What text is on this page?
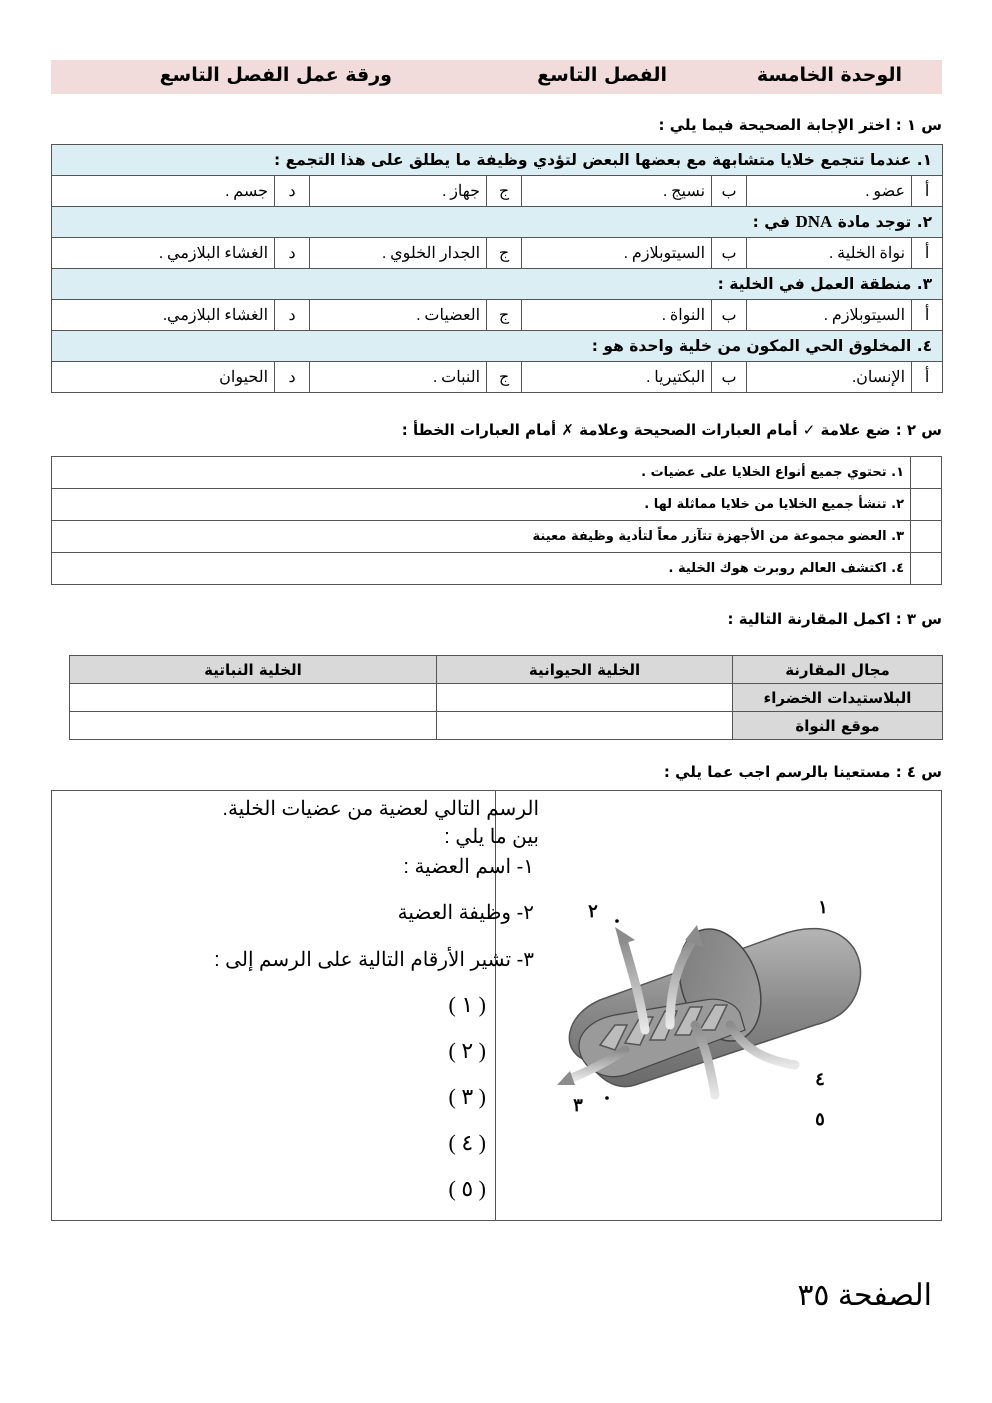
الوحدة الخامسة
الفصل التاسع
ورقة عمل الفصل التاسع
س ١ : اختر الإجابة الصحيحة فيما يلي :
١. عندما تتجمع خلايا متشابهة مع بعضها البعض لتؤدي وظيفة ما يطلق على هذا التجمع :							
أ	عضو .	ب	نسيج .	ج	جهاز .	د	جسم .
٢. توجد مادة DNA في :							
أ	نواة الخلية .	ب	السيتوبلازم .	ج	الجدار الخلوي .	د	الغشاء البلازمي .
٣. منطقة العمل في الخلية :							
أ	السيتوبلازم .	ب	النواة .	ج	العضيات .	د	الغشاء البلازمي.
٤. المخلوق الحي المكون من خلية واحدة هو :							
أ	الإنسان.	ب	البكتيريا .	ج	النبات .	د	الحيوان
س ٢ : ضع علامة ✓ أمام العبارات الصحيحة وعلامة ✗ أمام العبارات الخطأ :
	١. تحتوي جميع أنواع الخلايا على عضيات .
	٢. تنشأ جميع الخلايا من خلايا مماثلة لها .
	٣. العضو مجموعة من الأجهزة تتآزر معاً لتأدية وظيفة معينة
	٤. اكتشف العالم روبرت هوك الخلية .
س ٣ : اكمل المقارنة التالية :
مجال المقارنة	الخلية الحيوانية	الخلية النباتية
البلاستيدات الخضراء		
موقع النواة		
س ٤ : مستعينا بالرسم اجب عما يلي :
١
٢
٣
٤
٥
الرسم التالي لعضية من عضيات الخلية.
بين ما يلي :
١- اسم العضية :
٢- وظيفة العضية
٣- تشير الأرقام التالية على الرسم إلى :
( ١ )
( ٢ )
( ٣ )
( ٤ )
( ٥ )
الصفحة ٣٥
